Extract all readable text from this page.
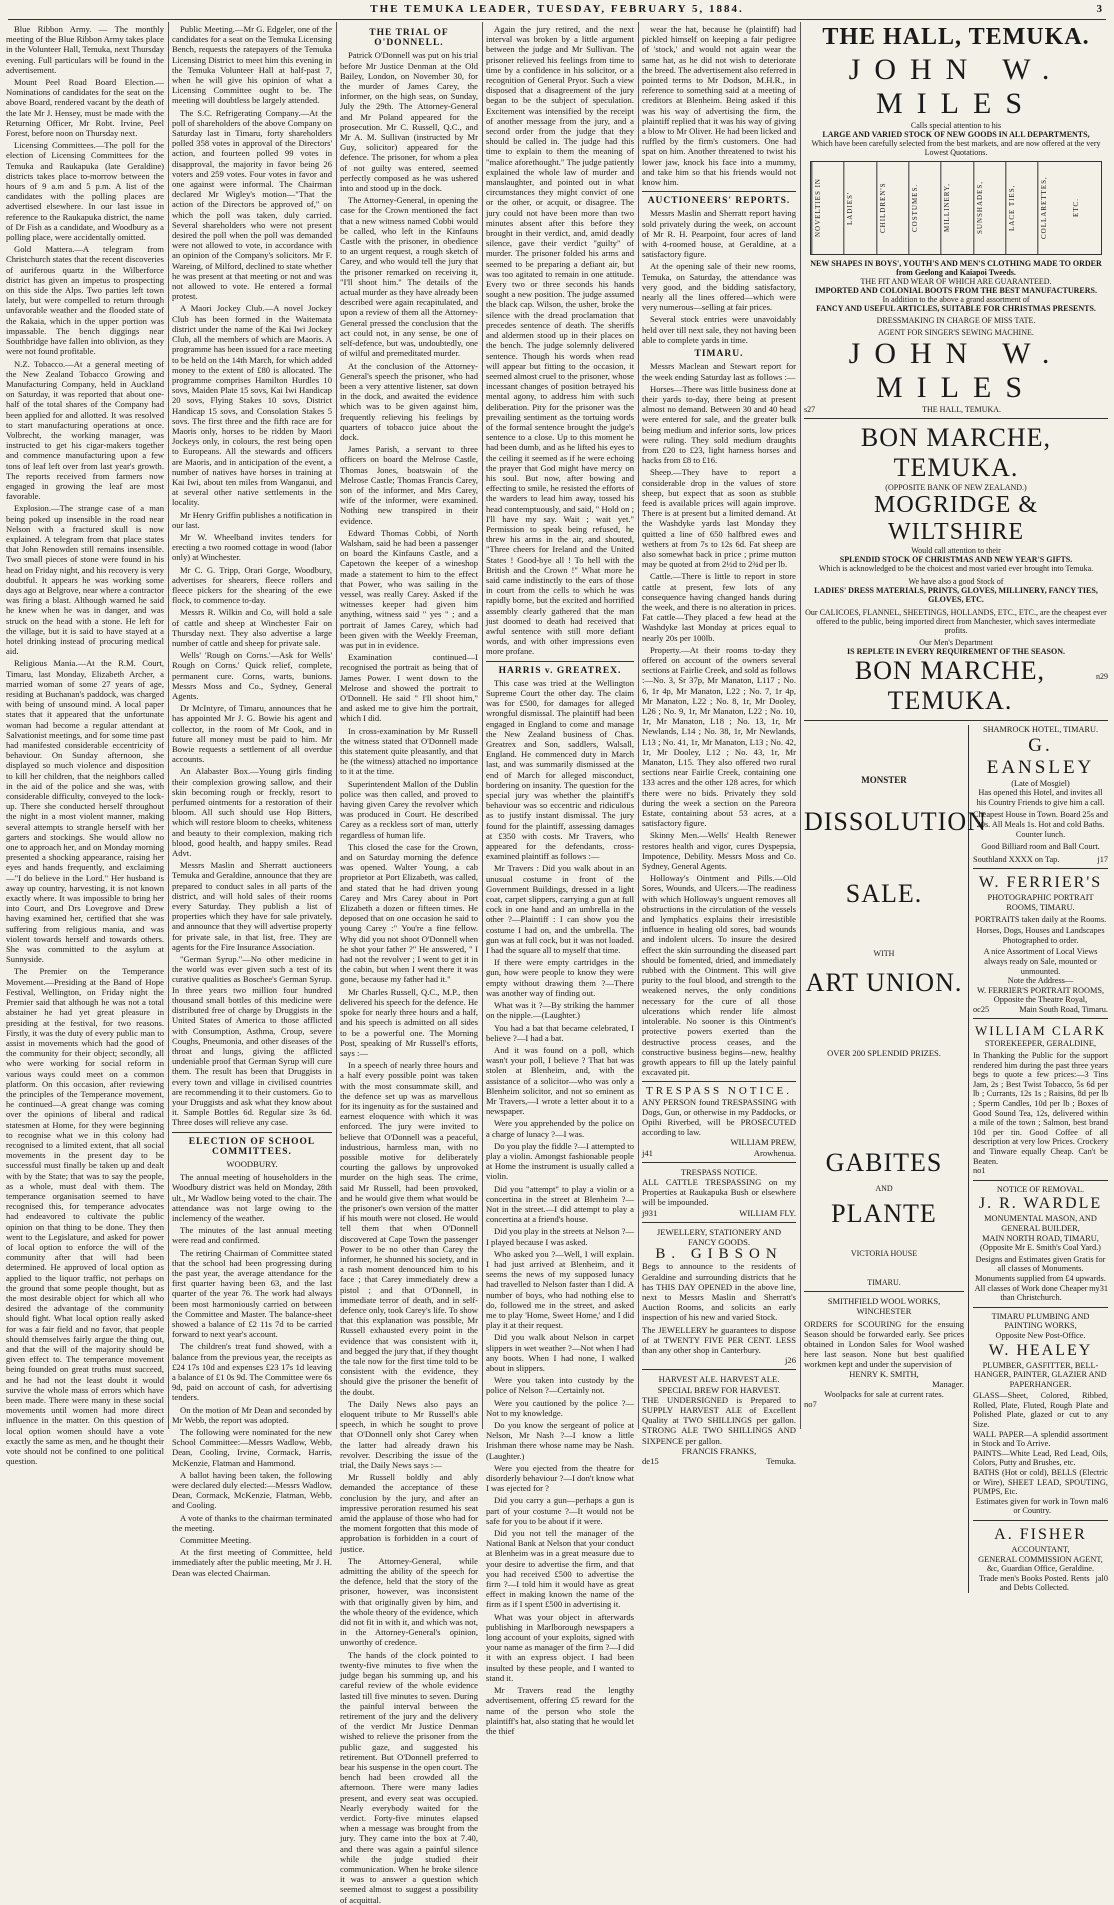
THE TEMUKA LEADER, TUESDAY, FEBRUARY 5, 1884.	3

Blue Ribbon Army. — The monthly meeting of the Blue Ribbon Army takes place in the Volunteer Hall, Temuka, next Thursday evening. Full particulars will be found in the advertisement.

Mount Peel Road Board Election.—Nominations of candidates for the seat on the above Board, rendered vacant by the death of the late Mr J. Hensey, must be made with the Returning Officer, Mr Robt. Irvine, Peel Forest, before noon on Thursday next.

Licensing Committees.—The poll for the election of Licensing Committees for the Temuka and Raukapuka (late Geraldine) districts takes place to-morrow between the hours of 9 a.m and 5 p.m. A list of the candidates with the polling places are advertised elsewhere. In our last issue in reference to the Raukapuka district, the name of Dr Fish as a candidate, and Woodbury as a polling place, were accidentally omitted.

Gold Mattera.—A telegram from Christchurch states that the recent discoveries of auriferous quartz in the Wilberforce district has given an impetus to prospecting on this side the Alps. Two parties left town lately, but were compelled to return through unfavorable weather and the flooded state of the Rakaia, which in the upper portion was impassable. The bench diggings near Southbridge have fallen into oblivion, as they were not found profitable.

N.Z. Tobacco.—At a general meeting of the New Zealand Tobacco Growing and Manufacturing Company, held in Auckland on Saturday, it was reported that about one-half of the total shares of the Company had been applied for and allotted. It was resolved to start manufacturing operations at once. Volbrecht, the working manager, was instructed to get his cigar-makers together and commence manufacturing upon a few tons of leaf left over from last year's growth. The reports received from farmers now engaged in growing the leaf are most favorable.

Explosion.—The strange case of a man being poked up insensible in the road near Nelson with a fractured skull is now explained. A telegram from that place states that John Renowden still remains insensible. Two small pieces of stone were found in his head on Friday night, and his recovery is very doubtful. It appears he was working some days ago at Belgrove, near where a contractor was firing a blast. Although warned he said he knew when he was in danger, and was struck on the head with a stone. He left for the village, but it is said to have stayed at a hotel drinking instead of procuring medical aid.

Religious Mania.—At the R.M. Court, Timaru, last Monday, Elizabeth Archer, a married woman of some 27 years of age, residing at Buchanan's paddock, was charged with being of unsound mind. A local paper states that it appeared that the unfortunate woman had become a regular attendant at Salvationist meetings, and for some time past had manifested considerable eccentricity of behaviour. On Sunday afternoon, she displayed so much violence and disposition to kill her children, that the neighbors called in the aid of the police and she was, with considerable difficulty, conveyed to the lock-up. There she conducted herself throughout the night in a most violent manner, making several attempts to strangle herself with her garters and stockings. She would allow no one to approach her, and on Monday morning presented a shocking appearance, raising her eyes and hands frequently, and exclaiming—"I do believe in the Lord." Her husband is away up country, harvesting, it is not known exactly where. It was impossible to bring her into Court, and Drs Lovegrove and Drew having examined her, certified that she was suffering from religious mania, and was violent towards herself and towards others. She was committed to the asylum at Sunnyside.

The Premier on the Temperance Movement.—Presiding at the Band of Hope Festival, Wellington, on Friday night the Premier said that although he was not a total abstainer he had yet great pleasure in presiding at the festival, for two reasons. Firstly, it was the duty of every public man to assist in movements which had the good of the community for their object; secondly, all who were working for social reform in various ways could meet on a common platform. On this occasion, after reviewing the principles of the Temperance movement, he continued—A great change was coming over the opinions of liberal and radical statesmen at Home, for they were beginning to recognise what we in this colony had recognised to a limited extent, that all social movements in the present day to be successful must finally be taken up and dealt with by the State; that was to say the people, as a whole, must deal with them. The temperance organisation seemed to have recognised this, for temperance advocates had endeavored to cultivate the public opinion on that thing to be done. They then went to the Legislature, and asked for power of local option to enforce the will of the community after that will had been determined. He approved of local option as applied to the liquor traffic, not perhaps on the ground that some people thought, but as the most desirable object for which all who desired the advantage of the community should fight. What local option really asked for was a fair field and no favor, that people should themselves fairly argue the thing out, and that the will of the majority should be given effect to. The temperance movement being founded on great truths must succeed, and he had not the least doubt it would survive the whole mass of errors which have been made. There were many in these social movements until women had more direct influence in the matter. On this question of local option women should have a vote exactly the same as men, and he thought their vote should not be confined to one political question.

Public Meeting.—Mr G. Edgeler, one of the candidates for a seat on the Temuka Licensing Bench, requests the ratepayers of the Temuka Licensing District to meet him this evening in the Temuka Volunteer Hall at half-past 7, when he will give his opinion of what a Licensing Committee ought to be. The meeting will doubtless be largely attended.

The S.C. Refrigerating Company.—At the poll of shareholders of the above Company on Saturday last in Timaru, forty shareholders polled 358 votes in approval of the Directors' action, and fourteen polled 99 votes in disapproval, the majority in favor being 26 voters and 259 votes. Four votes in favor and one against were informal. The Chairman declared Mr Wigley's motion—"That the action of the Directors be approved of," on which the poll was taken, duly carried. Several shareholders who were not present desired the poll when the poll was demanded were not allowed to vote, in accordance with an opinion of the Company's solicitors. Mr F. Wareing, of Milford, declined to state whether he was present at that meeting or not and was not allowed to vote. He entered a formal protest.

A Maori Jockey Club.—A novel Jockey Club has been formed in the Waitemata district under the name of the Kai Iwi Jockey Club, all the members of which are Maoris. A programme has been issued for a race meeting to be held on the 14th March, for which added money to the extent of £80 is allocated. The programme comprises Hamilton Hurdles 10 sovs, Maiden Plate 15 sovs, Kai Iwi Handicap 20 sovs, Flying Stakes 10 sovs, District Handicap 15 sovs, and Consolation Stakes 5 sovs. The first three and the fifth race are for Maoris only, horses to be ridden by Maori Jockeys only, in colours, the rest being open to Europeans. All the stewards and officers are Maoris, and in anticipation of the event, a number of natives have horses in training at Kai Iwi, about ten miles from Wanganui, and at several other native settlements in the locality.

Mr Henry Griffin publishes a notification in our last.

Mr W. Wheelband invites tenders for erecting a two roomed cottage in wood (labor only) at Winchester.

Mr C. G. Tripp, Orari Gorge, Woodbury, advertises for shearers, fleece rollers and fleece pickers for the shearing of the ewe flock, to commence to-day.

Messrs R. Wilkin and Co, will hold a sale of cattle and sheep at Winchester Fair on Thursday next. They also advertise a large number of cattle and sheep for private sale.

Wells' 'Rough on Corns.'—Ask for Wells' Rough on Corns.' Quick relief, complete, permanent cure. Corns, warts, bunions. Messrs Moss and Co., Sydney, General Agents.

Dr McIntyre, of Timaru, announces that he has appointed Mr J. G. Bowie his agent and collector, in the room of Mr Cook, and in future all money must be paid to him. Mr Bowie requests a settlement of all overdue accounts.

An Alabaster Box.—Young girls finding their complexion growing sallow, and their skin becoming rough or freckly, resort to perfumed ointments for a restoration of their bloom. All such should use Hop Bitters, which will restore bloom to cheeks, whiteness and beauty to their complexion, making rich blood, good health, and happy smiles. Read Advt.

Messrs Maslin and Sherratt auctioneers Temuka and Geraldine, announce that they are prepared to conduct sales in all parts of the district, and will hold sales of their rooms every Saturday. They publish a list of properties which they have for sale privately, and announce that they will advertise property for private sale, in that list, free. They are agents for the Fire Insurance Association.

"German Syrup."—No other medicine in the world was ever given such a test of its curative qualities as Boschee's German Syrup. In three years two million four hundred thousand small bottles of this medicine were distributed free of charge by Druggists in the United States of America to those afflicted with Consumption, Asthma, Croup, severe Coughs, Pneumonia, and other diseases of the throat and lungs, giving the afflicted undeniable proof that German Syrup will cure them. The result has been that Druggists in every town and village in civilised countries are recommending it to their customers. Go to your Druggists and ask what they know about it. Sample Bottles 6d. Regular size 3s 6d. Three doses will relieve any case.

ELECTION OF SCHOOL COMMITTEES.
WOODBURY.

The annual meeting of householders in the Woodbury district was held on Monday, 28th ult., Mr Wadlow being voted to the chair. The attendance was not large owing to the inclemency of the weather.

The minutes of the last annual meeting were read and confirmed.

The retiring Chairman of Committee stated that the school had been progressing during the past year, the average attendance for the first quarter having been 63, and the last quarter of the year 76. The work had always been most harmoniously carried on between the Committee and Master. The balance-sheet showed a balance of £2 11s 7d to be carried forward to next year's account.

The children's treat fund showed, with a balance from the previous year, the receipts as £24 17s 10d and expenses £23 17s 1d leaving a balance of £1 0s 9d. The Committee were 6s 9d, paid on account of cash, for advertising tenders.

On the motion of Mr Dean and seconded by Mr Webb, the report was adopted.

The following were nominated for the new School Committee:—Messrs Wadlow, Webb, Dean, Cooling, Irvine, Cormack, Harris, McKenzie, Flatman and Hammond.

A ballot having been taken, the following were declared duly elected:—Messrs Wadlow, Dean, Cormack, McKenzie, Flatman, Webb, and Cooling.

A vote of thanks to the chairman terminated the meeting.

Committee Meeting.

At the first meeting of Committee, held immediately after the public meeting, Mr J. H. Dean was elected Chairman.

THE TRIAL OF O'DONNELL.

Patrick O'Donnell was put on his trial before Mr Justice Denman at the Old Bailey, London, on November 30, for the murder of James Carey, the informer, on the high seas, on Sunday, July the 29th. The Attorney-General and Mr Poland appeared for the prosecution. Mr C. Russell, Q.C., and Mr A. M. Sullivan (instructed by Mr Guy, solicitor) appeared for the defence. The prisoner, for whom a plea of not guilty was entered, seemed perfectly composed as he was ushered into and stood up in the dock.

The Attorney-General, in opening the case for the Crown mentioned the fact that a new witness named Cobbi would be called, who left in the Kinfauns Castle with the prisoner, in obedience to an urgent request, a rough sketch of Carey, and who would tell the jury that the prisoner remarked on receiving it, "I'll shoot him." The details of the actual murder as they have already been described were again recapitulated, and upon a review of them all the Attorney-General pressed the conclusion that the act could not, in any sense, be one of self-defence, but was, undoubtedly, one of wilful and premeditated murder.

At the conclusion of the Attorney-General's speech the prisoner, who had been a very attentive listener, sat down in the dock, and awaited the evidence which was to be given against him, frequently relieving his feelings by quarters of tobacco juice about the dock.

James Parish, a servant to three officers on board the Melrose Castle, Thomas Jones, boatswain of the Melrose Castle; Thomas Francis Carey, son of the informer, and Mrs Carey, wife of the informer, were examined. Nothing new transpired in their evidence.

Edward Thomas Cobbi, of North Walsham, said he had been a passenger on board the Kinfauns Castle, and a Capetown the keeper of a wineshop made a statement to him to the effect that Power, who was sailing in the vessel, was really Carey. Asked if the witnesses keeper had given him anything, witness said " yes " ; and a portrait of James Carey, which had been given with the Weekly Freeman, was put in in evidence.

Examination continued—I recognised the portrait as being that of James Power. I went down to the Melrose and showed the portrait to O'Donnell. He said " I'll shoot him," and asked me to give him the portrait, which I did.

In cross-examination by Mr Russell the witness stated that O'Donnell made this statement quite pleasantly, and that he (the witness) attached no importance to it at the time.

Superintendent Mallon of the Dublin police was then called, and proved to having given Carey the revolver which was produced in Court. He described Carey as a reckless sort of man, utterly regardless of human life.

This closed the case for the Crown, and on Saturday morning the defence was opened. Walter Young, a cab proprietor at Port Elizabeth, was called, and stated that he had driven young Carey and Mrs Carey about in Port Elizabeth a dozen or fifteen times. He deposed that on one occasion he said to young Carey :" You're a fine fellow. Why did you not shoot O'Donnell when he shot your father ?" He answered, " I had not the revolver ; I went to get it in the cabin, but when I went there it was gone, because my father had it."

Mr Charles Russell, Q.C., M.P., then delivered his speech for the defence. He spoke for nearly three hours and a half, and his speech is admitted on all sides to be a powerful one. The Morning Post, speaking of Mr Russell's efforts, says :—

In a speech of nearly three hours and a half every possible point was taken with the most consummate skill, and the defence set up was as marvellous for its ingenuity as for the sustained and earnest eloquence with which it was enforced. The jury were invited to believe that O'Donnell was a peaceful, industrious, harmless man, with no possible motive for deliberately courting the gallows by unprovoked murder on the high seas. The crime, said Mr Russell, had been provoked, and he would give them what would be the prisoner's own version of the matter if his mouth were not closed. He would tell them that when O'Donnell discovered at Cape Town the passenger Power to be no other than Carey the informer, he shunned his society, and in a rash moment denounced him to his face ; that Carey immediately drew a pistol ; and that O'Donnell, in immediate terror of death, and in self-defence only, took Carey's life. To show that this explanation was possible, Mr Russell exhausted every point in the evidence that was consistent with it, and begged the jury that, if they thought the tale now for the first time told to be consistent with the evidence, they should give the prisoner the benefit of the doubt.

The Daily News also pays an eloquent tribute to Mr Russell's able speech, in which he sought to prove that O'Donnell only shot Carey when the latter had already drawn his revolver. Describing the issue of the trial, the Daily News says :—

Mr Russell boldly and ably demanded the acceptance of these conclusion by the jury, and after an impressive peroration resumed his seat amid the applause of those who had for the moment forgotten that this mode of approbation is forbidden in a court of justice.

The Attorney-General, while admitting the ability of the speech for the defence, held that the story of the prisoner, however, was inconsistent with that originally given by him, and the whole theory of the evidence, which did not fit in with it, and which was not, in the Attorney-General's opinion, unworthy of credence.

The hands of the clock pointed to twenty-five minutes to five when the judge began his summing up, and his careful review of the whole evidence lasted till five minutes to seven. During the painful interval between the retirement of the jury and the delivery of the verdict Mr Justice Denman wished to relieve the prisoner from the public gaze, and suggested his retirement. But O'Donnell preferred to bear his suspense in the open court. The bench had been crowded all the afternoon. There were many ladies present, and every seat was occupied. Nearly everybody waited for the verdict. Forty-five minutes elapsed when a message was brought from the jury. They came into the box at 7.40, and there was again a painful silence while the judge studied their communication. When he broke silence it was to answer a question which seemed almost to suggest a possibility of acquittal.

Again the jury retired, and the next interval was broken by a little argument between the judge and Mr Sullivan. The prisoner relieved his feelings from time to time by a confidence in his solicitor, or a recognition of General Pryor. Such a view disposed that a disagreement of the jury began to be the subject of speculation. Excitement was intensified by the receipt of another message from the jury, and a second order from the judge that they should be called in. The judge had this time to explain to them the meaning of "malice aforethought." The judge patiently explained the whole law of murder and manslaughter, and pointed out in what circumstances they might convict of one or the other, or acquit, or disagree. The jury could not have been more than two minutes absent after this before they brought in their verdict, and, amid deadly silence, gave their verdict "guilty" of murder. The prisoner folded his arms and seemed to be preparing a defiant air, but was too agitated to remain in one attitude. Every two or three seconds his hands sought a new position. The judge assumed the black cap. Wilson, the usher, broke the silence with the dread proclamation that precedes sentence of death. The sheriffs and aldermen stood up in their places on the bench. The judge solemnly delivered sentence. Though his words when read will appear but fitting to the occasion, it seemed almost cruel to the prisoner, whose incessant changes of position betrayed his mental agony, to address him with such deliberation. Pity for the prisoner was the prevailing sentiment as the tortuing words of the formal sentence brought the judge's sentence to a close. Up to this moment he had been dumb, and as he lifted his eyes to the ceiling it seemed as if he were echoing the prayer that God might have mercy on his soul. But now, after bowing and effecting to smile, he resisted the efforts of the warders to lead him away, tossed his head contemptuously, and said, " Hold on ; I'll have my say. Wait ; wait yet." Permission to speak being refused, he threw his arms in the air, and shouted, "Three cheers for Ireland and the United States ! Good-bye all ! To hell with the British and the Crown !" What more he said came indistinctly to the ears of those in court from the cells to which he was rapidly borne, but the excited and horrified assembly clearly gathered that the man just doomed to death had received that awful sentence with still more defiant words, and with other impressions even more profane.

HARRIS v. GREATREX.

This case was tried at the Wellington Supreme Court the other day. The claim was for £500, for damages for alleged wrongful dismissal. The plaintiff had been engaged in England to come and manage the New Zealand business of Chas. Greatrex and Son, saddlers, Walsall, England. He commenced duty in March last, and was summarily dismissed at the end of March for alleged misconduct, bordering on insanity. The question for the special jury was whether the plaintiff's behaviour was so eccentric and ridiculous as to justify instant dismissal. The jury found for the plaintiff, assessing damages at £350 with costs. Mr Travers, who appeared for the defendants, cross-examined plaintiff as follows :—

Mr Travers : Did you walk about in an unusual costume in front of the Government Buildings, dressed in a light coat, carpet slippers, carrying a gun at full cock in one hand and an umbrella in the other ?—Plaintiff : I can show you the costume I had on, and the umbrella. The gun was at full cock, but it was not loaded. I had the square all to myself that time.

If there were empty cartridges in the gun, how were people to know they were empty without drawing them ?—There was another way of finding out.

What was it ?—By striking the hammer on the nipple.—(Laughter.)

You had a bat that became celebrated, I believe ?—I had a bat.

And it was found on a poll, which wasn't your poll, I believe ? That bat was stolen at Blenheim, and, with the assistance of a solicitor—who was only a Blenheim solicitor, and not so eminent as Mr Travers,—I wrote a letter about it to a newspaper.

Were you apprehended by the police on a charge of lunacy ?—I was.

Do you play the fiddle ?—I attempted to play a violin. Amongst fashionable people at Home the instrument is usually called a violin.

Did you "attempt" to play a violin or a concertina in the street at Blenheim ?—Not in the street.—I did attempt to play a concertina at a friend's house.

Did you play in the streets at Nelson ?—I played because I was asked.

Who asked you ?—Well, I will explain. I had just arrived at Blenheim, and it seems the news of my supposed lunacy had travelled to Nelson faster than I did. A number of boys, who had nothing else to do, followed me in the street, and asked me to play 'Home, Sweet Home,' and I did play it at their request.

Did you walk about Nelson in carpet slippers in wet weather ?—Not when I had any boots. When I had none, I walked about in slippers.

Were you taken into custody by the police of Nelson ?—Certainly not.

Were you cautioned by the police ?—Not to my knowledge.

Do you know the sergeant of police at Nelson, Mr Nash ?—I know a little Irishman there whose name may be Nash. (Laughter.)

Were you ejected from the theatre for disorderly behaviour ?—I don't know what I was ejected for ?

Did you carry a gun—perhaps a gun is part of your costume ?—It would not be safe for you to be about if it were.

Did you not tell the manager of the National Bank at Nelson that your conduct at Blenheim was in a great measure due to your desire to advertise the firm, and that you had received £500 to advertise the firm ?—I told him it would have as great effect in making known the name of the firm as if I spent £500 in advertising it.

What was your object in afterwards publishing in Marlborough newspapers a long account of your exploits, signed with your name as manager of the firm ?—I did it with an express object. I had been insulted by these people, and I wanted to stand it.

Mr Travers read the lengthy advertisement, offering £5 reward for the name of the person who stole the plaintiff's hat, also stating that he would let the thief

wear the hat, because he (plaintiff) had pickled himself on keeping a fair pedigree of 'stock,' and would not again wear the same hat, as he did not wish to deteriorate the breed. The advertisement also referred in pointed terms to Mr Dodson, M.H.R., in reference to something said at a meeting of creditors at Blenheim. Being asked if this was his way of advertising the firm, the plaintiff replied that it was his way of giving a blow to Mr Oliver. He had been licked and ruffled by the firm's customers. One had spat on him. Another threatened to twist his lower jaw, knock his face into a mummy, and take him so that his friends would not know him.

AUCTIONEERS' REPORTS.

Messrs Maslin and Sherratt report having sold privately during the week, on account of Mr R. H. Pearpoint, four acres of land with 4-roomed house, at Geraldine, at a satisfactory figure.

At the opening sale of their new rooms, Temuka, on Saturday, the attendance was very good, and the bidding satisfactory, nearly all the lines offered—which were very numerous—selling at fair prices.

Several stock entries were unavoidably held over till next sale, they not having been able to complete yards in time.

TIMARU.

Messrs Maclean and Stewart report for the week ending Saturday last as follows :—

Horses—There was little business done at their yards to-day, there being at present almost no demand. Between 30 and 40 head were entered for sale, and the greater bulk being medium and inferior sorts, low prices were ruling. They sold medium draughts from £20 to £23, light harness horses and hacks from £8 to £16.

Sheep.—They have to report a considerable drop in the values of store sheep, but expect that as soon as stubble feed is available prices will again improve. There is at present but a limited demand. At the Washdyke yards last Monday they quitted a line of 650 halfbred ewes and wethers at from 7s to 12s 6d. Fat sheep are also somewhat back in price ; prime mutton may be quoted at from 2½d to 2¾d per lb.

Cattle.—There is little to report in store cattle at present, few lots of any consequence having changed hands during the week, and there is no alteration in prices. Fat cattle—They placed a few head at the Washdyke last Monday at prices equal to nearly 20s per 100lb.

Property.—At their rooms to-day they offered on account of the owners several sections at Fairlie Creek, and sold as follows :—No. 3, Sr 37p, Mr Manaton, L117 ; No. 6, 1r 4p, Mr Manaton, L22 ; No. 7, 1r 4p, Mr Manaton, L22 ; No. 8, 1r, Mr Dooley, L26 ; No. 9, 1r, Mr Manaton, L22 ; No. 10, 1r, Mr Manaton, L18 ; No. 13, 1r, Mr Newlands, L14 ; No. 38, 1r, Mr Newlands, L13 ; No. 41, 1r, Mr Manaton, L13 ; No. 42, 1r, Mr Dooley, L12 ; No. 43, 1r, Mr Manaton, L15. They also offered two rural sections near Fairlie Creek, containing one 133 acres and the other 128 acres, for which there were no bids. Privately they sold during the week a section on the Pareora Estate, containing about 53 acres, at a satisfactory figure.

Skinny Men.—Wells' Health Renewer restores health and vigor, cures Dyspepsia, Impotence, Debility. Messrs Moss and Co. Sydney, General Agents.

Holloway's Ointment and Pills.—Old Sores, Wounds, and Ulcers.—The readiness with which Holloway's unguent removes all obstructions in the circulation of the vessels and lymphatics explains their irresistible influence in healing old sores, bad wounds and indolent ulcers. To insure the desired effect the skin surrounding the diseased part should be fomented, dried, and immediately rubbed with the Ointment. This will give purity to the foul blood, and strength to the weakened nerves, the only conditions necessary for the cure of all those ulcerations which render life almost intolerable. No sooner is this Ointment's protective powers exerted than the destructive process ceases, and the constructive business begins—new, healthy growth appears to fill up the lately painful excavated pit.

TRESPASS NOTICE.
ANY PERSON found TRESPASSING with Dogs, Gun, or otherwise in my Paddocks, or Opihi Riverbed, will be PROSECUTED according to law.
WILLIAM PREW,
j41	Arowhenua.
TRESPASS NOTICE.
ALL CATTLE TRESPASSING on my Properties at Raukapuka Bush or elsewhere will be impounded.
j931	WILLIAM FLY.
JEWELLERY, STATIONERY AND FANCY GOODS.
B. GIBSON
Begs to announce to the residents of Geraldine and surrounding districts that he has THIS DAY OPENED in the above line, next to Messrs Maslin and Sherratt's Auction Rooms, and solicits an early inspection of his new and varied Stock.
The JEWELLERY he guarantees to dispose of at TWENTY FIVE PER CENT. LESS than any other shop in Canterbury.
j26
HARVEST ALE. HARVEST ALE.
SPECIAL BREW FOR HARVEST.
THE UNDERSIGNED is Prepared to SUPPLY HARVEST ALE of Excellent Quality at TWO SHILLINGS per gallon. STRONG ALE TWO SHILLINGS AND SIXPENCE per gallon.
FRANCIS FRANKS,
de15	Temuka.
THE HALL, TEMUKA.
JOHN W. MILES
Calls special attention to his
LARGE AND VARIED STOCK OF NEW GOODS IN ALL DEPARTMENTS,
Which have been carefully selected from the best markets, and are now offered at the very Lowest Quotations.
NOVELTIES IN	LADIES'	CHILDREN'S	COSTUMES.	MILLINERY,	SUNSHADES,	LACE TIES,	COLLARETTES,	ETC.
NEW SHAPES IN BOYS', YOUTH'S AND MEN'S CLOTHING MADE TO ORDER from Geelong and Kaiapoi Tweeds.
THE FIT AND WEAR OF WHICH ARE GUARANTEED.
IMPORTED AND COLONIAL BOOTS FROM THE BEST MANUFACTURERS.
In addition to the above a grand assortment of
FANCY AND USEFUL ARTICLES, SUITABLE FOR CHRISTMAS PRESENTS.
DRESSMAKING IN CHARGE OF MISS TATE.
AGENT FOR SINGER'S SEWING MACHINE.
JOHN W. MILES
s27	THE HALL, TEMUKA.
BON MARCHE, TEMUKA.
(OPPOSITE BANK OF NEW ZEALAND.)
MOGRIDGE & WILTSHIRE
Would call attention to their
SPLENDID STOCK OF CHRISTMAS AND NEW YEAR'S GIFTS.
Which is acknowledged to be the choicest and most varied ever brought into Temuka.
We have also a good Stock of
LADIES' DRESS MATERIALS, PRINTS, GLOVES, MILLINERY, FANCY TIES, GLOVES, ETC.
Our CALICOES, FLANNEL, SHEETINGS, HOLLANDS, ETC., ETC., are the cheapest ever offered to the public, being imported direct from Manchester, which saves intermediate profits.
Our Men's Department
IS REPLETE IN EVERY REQUIREMENT OF THE SEASON.
BON MARCHE, TEMUKA.
n29
MONSTER
DISSOLUTION
SALE.
WITH
ART UNION.
OVER 200 SPLENDID PRIZES.
GABITES
AND
PLANTE
VICTORIA HOUSE
TIMARU.
SMITHFIELD WOOL WORKS,
WINCHESTER
ORDERS for SCOURING for the ensuing Season should be forwarded early. See prices obtained in London Sales for Wool washed here last season. None but best qualified workmen kept and under the supervision of
HENRY K. SMITH,
Manager.
Woolpacks for sale at current rates.
no7
SHAMROCK HOTEL, TIMARU.
G. EANSLEY
(Late of Mosgiel)
Has opened this Hotel, and invites all his Country Friends to give him a call.
Cheapest House in Town. Board 25s and 20s. All Meals 1s. Hot and cold Baths. Counter lunch.
Good Billiard room and Ball Court.
Southland XXXX on Tap.	j17
W. FERRIER'S
PHOTOGRAPHIC PORTRAIT ROOMS, TIMARU.
PORTRAITS taken daily at the Rooms.
Horses, Dogs, Houses and Landscapes Photographed to order.
A nice Assortment of Local Views always ready on Sale, mounted or unmounted.
Note the Address—
W. FERRIER'S PORTRAIT ROOMS,
Opposite the Theatre Royal,
oc25	Main South Road, Timaru.
WILLIAM CLARK
STOREKEEPER, GERALDINE,
In Thanking the Public for the support rendered him during the past three years begs to quote a few prices:—3 Tins Jam, 2s ; Best Twist Tobacco, 5s 6d per lb ; Currants, 12s 1s ; Raisins, 8d per lb ; Sperm Candles, 10d per lb ; Boxes of Good Sound Tea, 12s, delivered within a mile of the town ; Salmon, best brand 10d per tin. Good Coffee of all description at very low Prices. Crockery and Tinware equally Cheap. Can't be Beaten.
no1
NOTICE OF REMOVAL.
J. R. WARDLE
MONUMENTAL MASON, AND GENERAL BUILDER,
MAIN NORTH ROAD, TIMARU,
(Opposite Mr E. Smith's Coal Yard.)
Designs and Estimates given Gratis for all classes of Monuments.
Monuments supplied from £4 upwards.
All classes of Work done Cheaper than Christchurch.
my31
TIMARU PLUMBING AND PAINTING WORKS,
Opposite New Post-Office.
W. HEALEY
PLUMBER, GASFITTER, BELL-HANGER, PAINTER, GLAZIER AND PAPERHANGER.
GLASS—Sheet, Colored, Ribbed, Rolled, Plate, Fluted, Rough Plate and Polished Plate, glazed or cut to any Size.
WALL PAPER—A splendid assortment in Stock and To Arrive.
PAINTS—White Lead, Red Lead, Oils, Colors, Putty and Brushes, etc.
BATHS (Hot or cold), BELLS (Electric or Wire), SHEET LEAD, SPOUTING, PUMPS, Etc.
Estimates given for work in Town or Country.
mal6
A. FISHER
ACCOUNTANT,
GENERAL COMMISSION AGENT, &c, Guardian Office, Geraldine.
Trade men's Books Posted. Rents and Debts Collected.
jal0
